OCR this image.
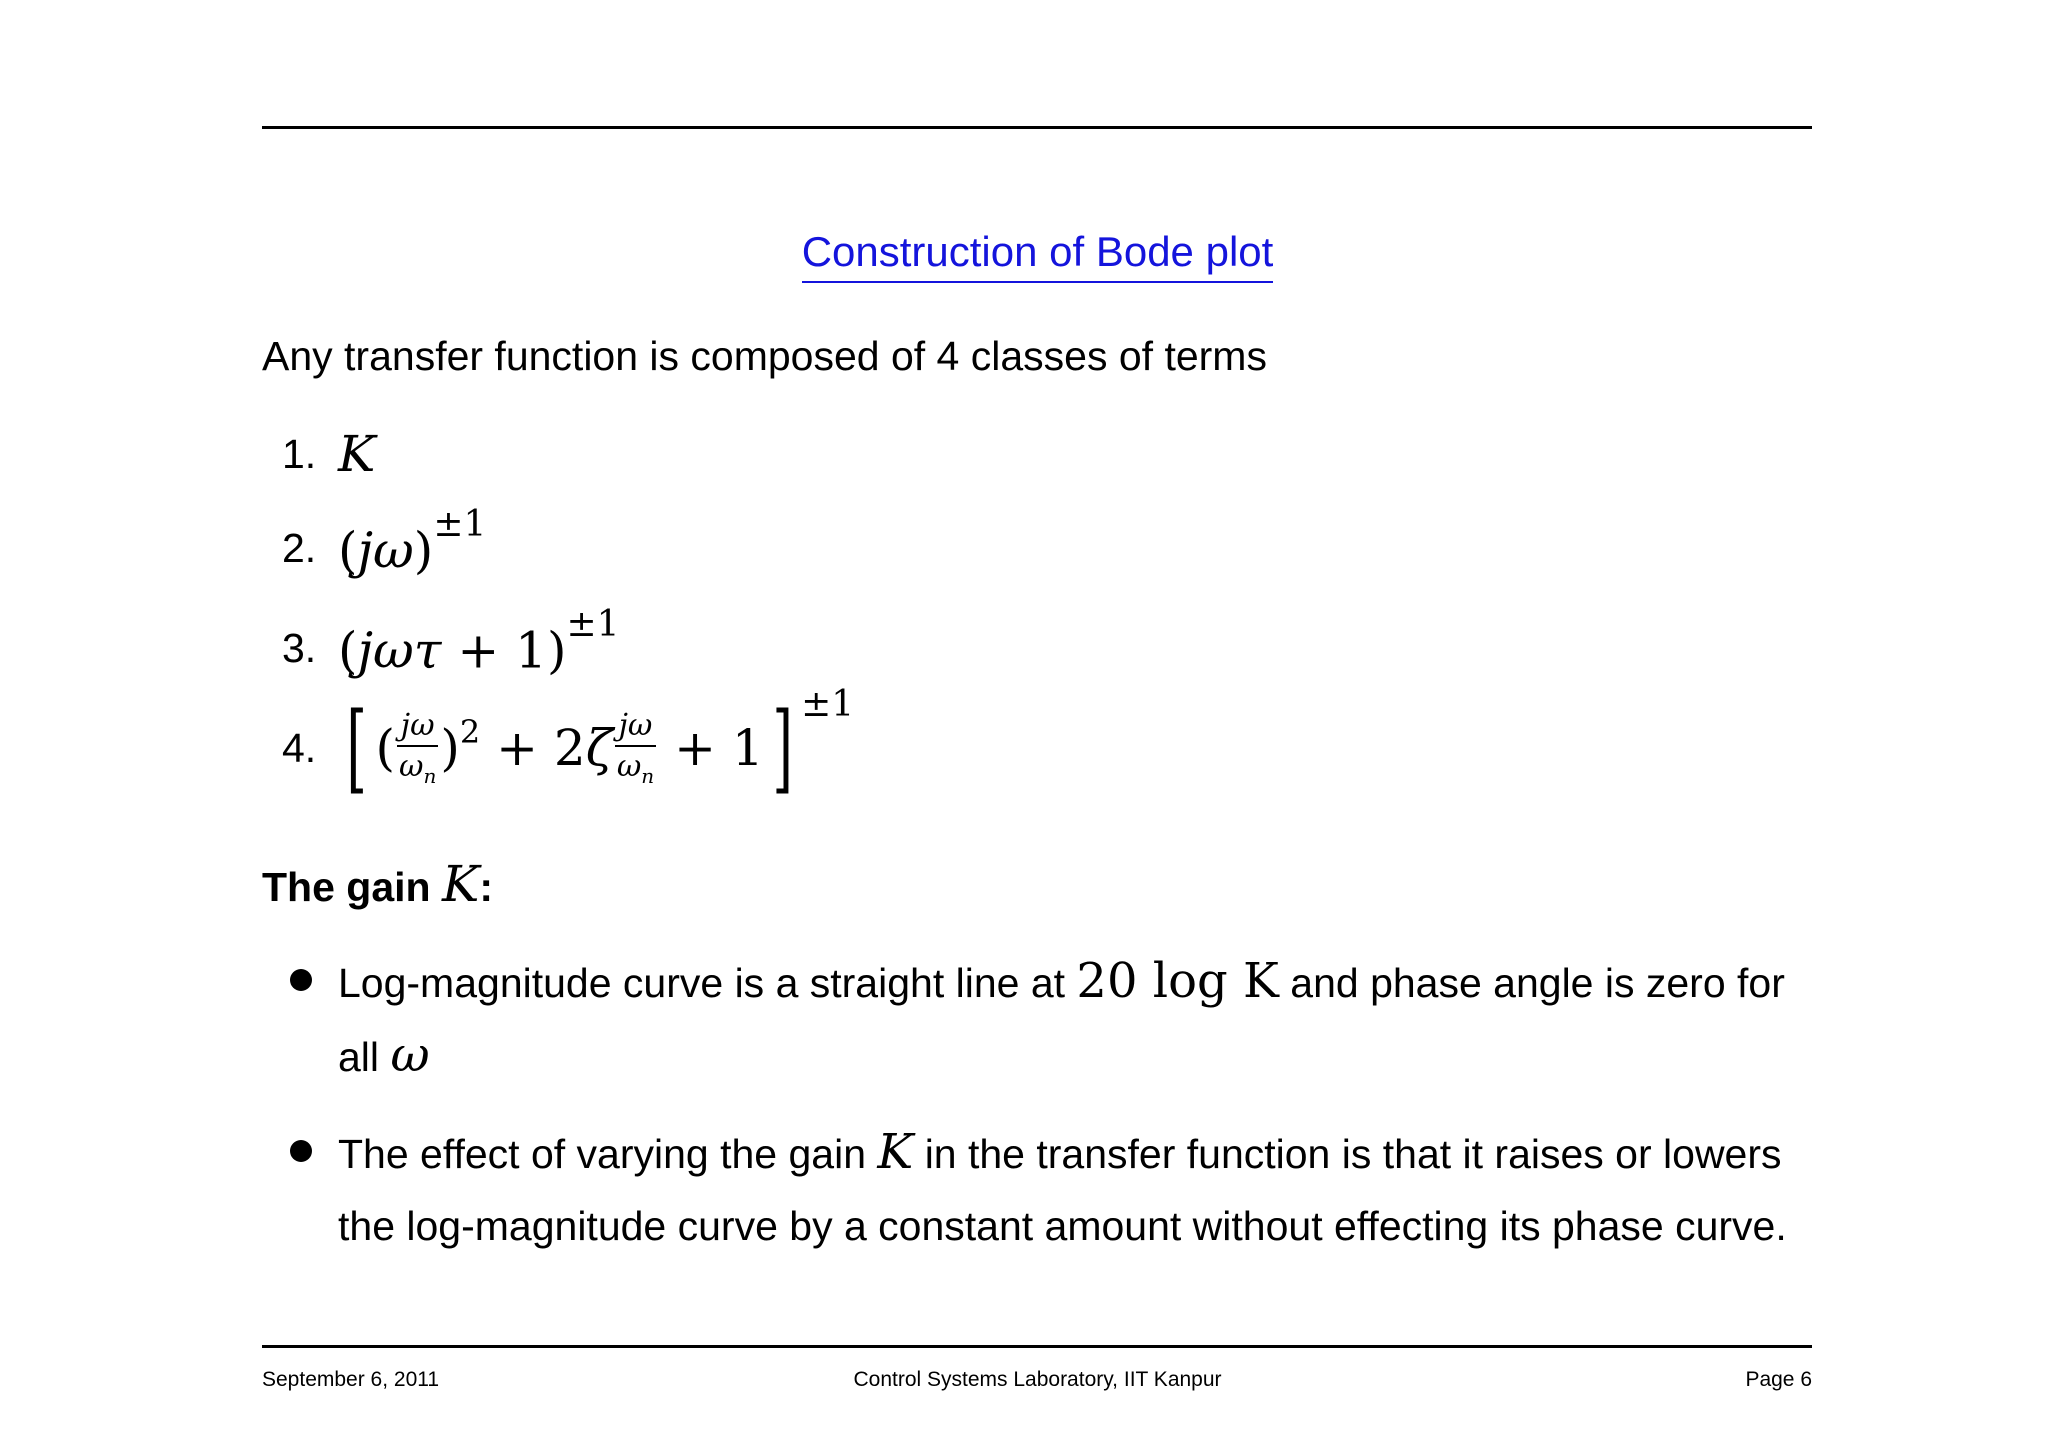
Construction of Bode plot
Any transfer function is composed of 4 classes of terms
1. K
2. $(j\omega)^{\pm 1}$
3. $(j\omega\tau + 1)^{\pm 1}$
4. [ ( $\frac{j\omega}{\omega_n} )^2 + 2$ ζ $\frac{j\omega}{\omega_n} + 1$ ]$^{\pm 1}$
The gain K:
Log-magnitude curve is a straight line at 20 log K and phase angle is zero for all ω
The effect of varying the gain K in the transfer function is that it raises or lowers the log-magnitude curve by a constant amount without effecting its phase curve.
September 6, 2011	Control Systems Laboratory, IIT Kanpur	Page 6
